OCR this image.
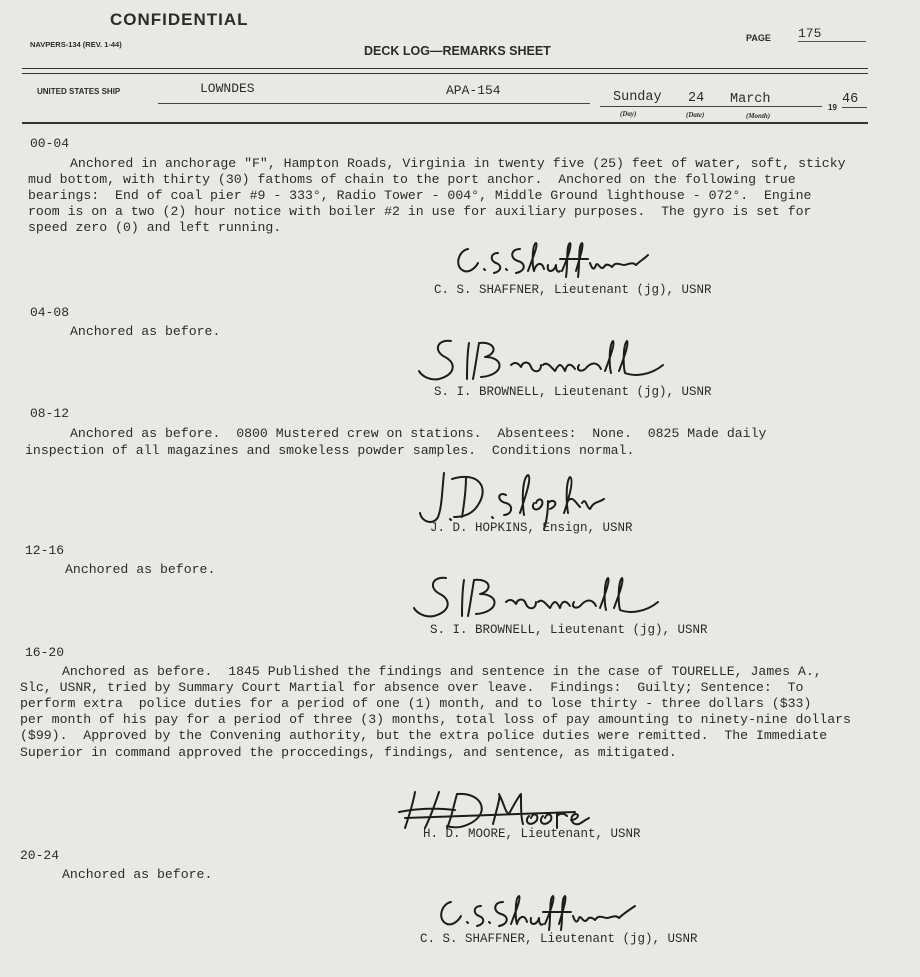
CONFIDENTIAL
NAVPERS-134 (REV. 1-44)	DECK LOG—REMARKS SHEET
PAGE 175
UNITED STATES SHIP	LOWNDES	APA-154	Sunday 24 March
(Day)	(Date)	(Month)
19
46
00-04
Anchored in anchorage "F", Hampton Roads, Virginia in twenty five (25) feet of water, soft, sticky
mud bottom, with thirty (30) fathoms of chain to the port anchor.  Anchored on the following true
bearings:  End of coal pier #9 - 333°, Radio Tower - 004°, Middle Ground lighthouse - 072°.  Engine
room is on a two (2) hour notice with boiler #2 in use for auxiliary purposes.  The gyro is set for
speed zero (0) and left running.
C. S. SHAFFNER, Lieutenant (jg), USNR
04-08
Anchored as before.
S. I. BROWNELL, Lieutenant (jg), USNR
08-12
Anchored as before.  0800 Mustered crew on stations.  Absentees:  None.  0825 Made daily
inspection of all magazines and smokeless powder samples.  Conditions normal.
J. D. HOPKINS, Ensign, USNR
12-16
Anchored as before.
S. I. BROWNELL, Lieutenant (jg), USNR
16-20
Anchored as before.  1845 Published the findings and sentence in the case of TOURELLE, James A.,
Slc, USNR, tried by Summary Court Martial for absence over leave.  Findings:  Guilty; Sentence:  To
perform extra  police duties for a period of one (1) month, and to lose thirty - three dollars ($33)
per month of his pay for a period of three (3) months, total loss of pay amounting to ninety-nine dollars
($99).  Approved by the Convening authority, but the extra police duties were remitted.  The Immediate
Superior in command approved the proccedings, findings, and sentence, as mitigated.
H. D. MOORE, Lieutenant, USNR
20-24
Anchored as before.
C. S. SHAFFNER, Lieutenant (jg), USNR
